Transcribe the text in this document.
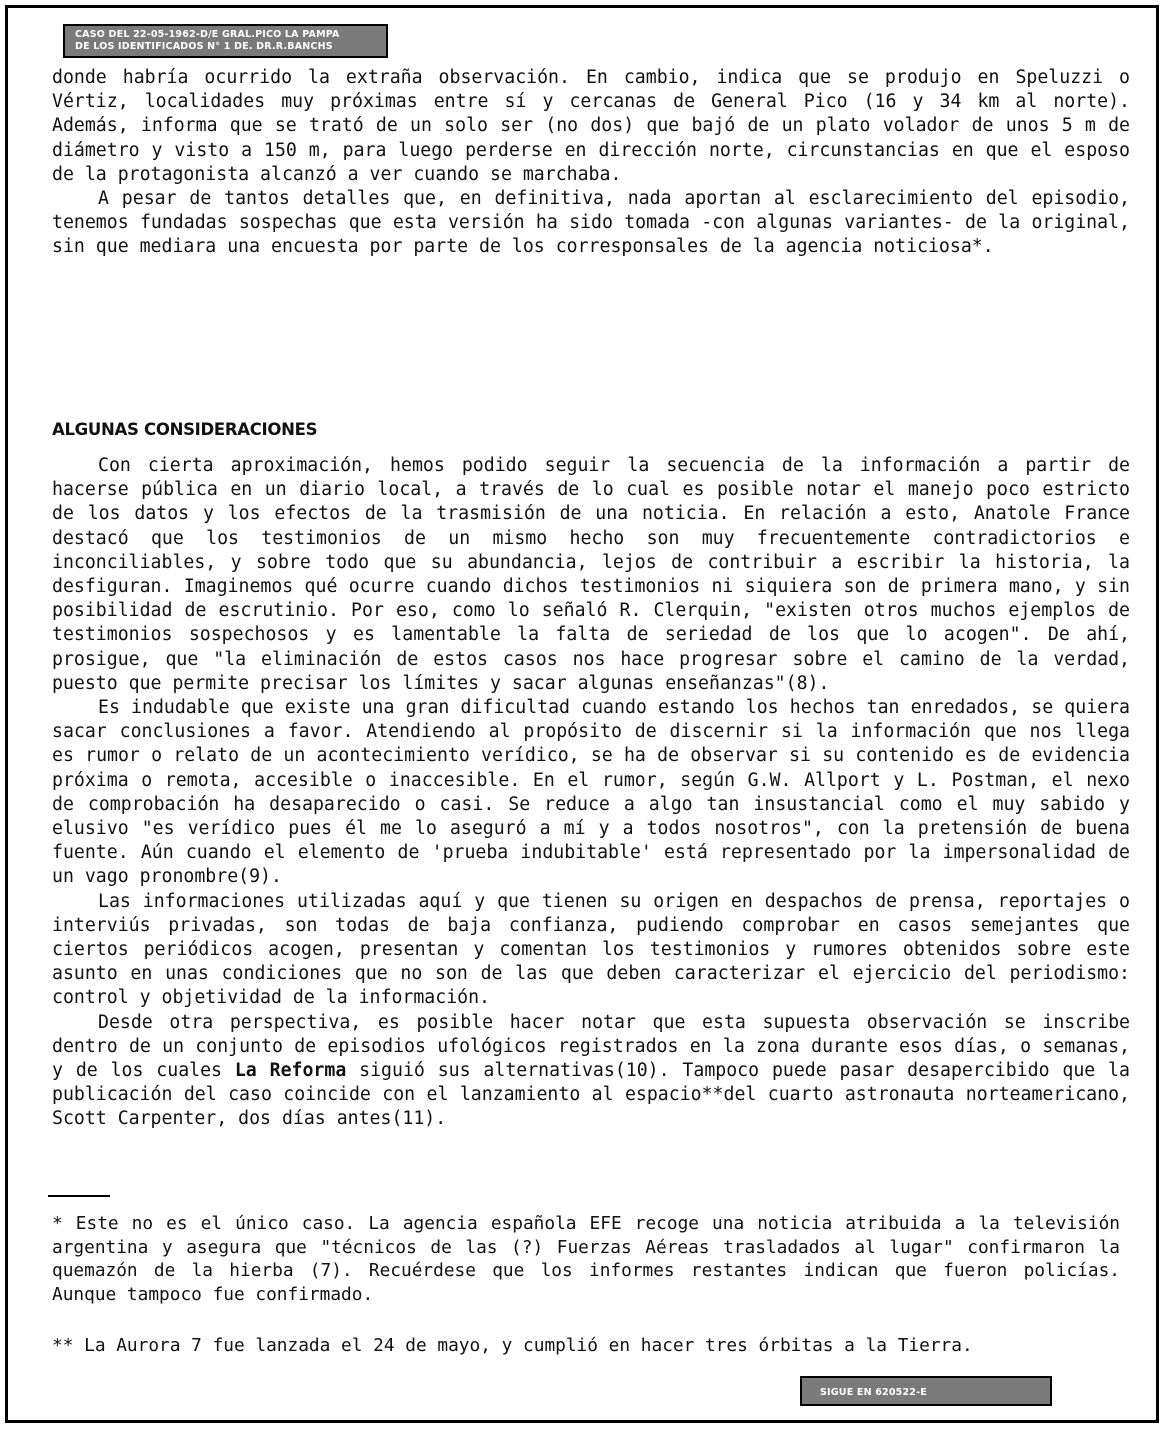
CASO DEL 22-05-1962-D/E GRAL.PICO LA PAMPA
DE LOS IDENTIFICADOS N° 1 DE. DR.R.BANCHS

donde habría ocurrido la extraña observación. En cambio, indica que se produjo en Speluzzi o Vértiz, localidades muy próximas entre sí y cercanas de General Pico (16 y 34 km al norte). Además, informa que se trató de un solo ser (no dos) que bajó de un plato volador de unos 5 m de diámetro y visto a 150 m, para luego perderse en dirección norte, circunstancias en que el esposo de la protagonista alcanzó a ver cuando se marchaba.

A pesar de tantos detalles que, en definitiva, nada aportan al esclarecimiento del episodio, tenemos fundadas sospechas que esta versión ha sido tomada -con algunas variantes- de la original, sin que mediara una encuesta por parte de los corresponsales de la agencia noticiosa*.

ALGUNAS CONSIDERACIONES

Con cierta aproximación, hemos podido seguir la secuencia de la información a partir de hacerse pública en un diario local, a través de lo cual es posible notar el manejo poco estricto de los datos y los efectos de la trasmisión de una noticia. En relación a esto, Anatole France destacó que los testimonios de un mismo hecho son muy frecuentemente contradictorios e inconciliables, y sobre todo que su abundancia, lejos de contribuir a escribir la historia, la desfiguran. Imaginemos qué ocurre cuando dichos testimonios ni siquiera son de primera mano, y sin posibilidad de escrutinio. Por eso, como lo señaló R. Clerquin, "existen otros muchos ejemplos de testimonios sospechosos y es lamentable la falta de seriedad de los que lo acogen". De ahí, prosigue, que "la eliminación de estos casos nos hace progresar sobre el camino de la verdad, puesto que permite precisar los límites y sacar algunas enseñanzas"(8).

Es indudable que existe una gran dificultad cuando estando los hechos tan enredados, se quiera sacar conclusiones a favor. Atendiendo al propósito de discernir si la información que nos llega es rumor o relato de un acontecimiento verídico, se ha de observar si su contenido es de evidencia próxima o remota, accesible o inaccesible. En el rumor, según G.W. Allport y L. Postman, el nexo de comprobación ha desaparecido o casi. Se reduce a algo tan insustancial como el muy sabido y elusivo "es verídico pues él me lo aseguró a mí y a todos nosotros", con la pretensión de buena fuente. Aún cuando el elemento de 'prueba indubitable' está representado por la impersonalidad de un vago pronombre(9).

Las informaciones utilizadas aquí y que tienen su origen en despachos de prensa, reportajes o interviús privadas, son todas de baja confianza, pudiendo comprobar en casos semejantes que ciertos periódicos acogen, presentan y comentan los testimonios y rumores obtenidos sobre este asunto en unas condiciones que no son de las que deben caracterizar el ejercicio del periodismo: control y objetividad de la información.

Desde otra perspectiva, es posible hacer notar que esta supuesta observación se inscribe dentro de un conjunto de episodios ufológicos registrados en la zona durante esos días, o semanas, y de los cuales La Reforma siguió sus alternativas(10). Tampoco puede pasar desapercibido que la publicación del caso coincide con el lanzamiento al espacio**del cuarto astronauta norteamericano, Scott Carpenter, dos días antes(11).

* Este no es el único caso. La agencia española EFE recoge una noticia atribuida a la televisión argentina y asegura que "técnicos de las (?) Fuerzas Aéreas trasladados al lugar" confirmaron la quemazón de la hierba (7). Recuérdese que los informes restantes indican que fueron policías. Aunque tampoco fue confirmado.
** La Aurora 7 fue lanzada el 24 de mayo, y cumplió en hacer tres órbitas a la Tierra.
SIGUE EN 620522-E
